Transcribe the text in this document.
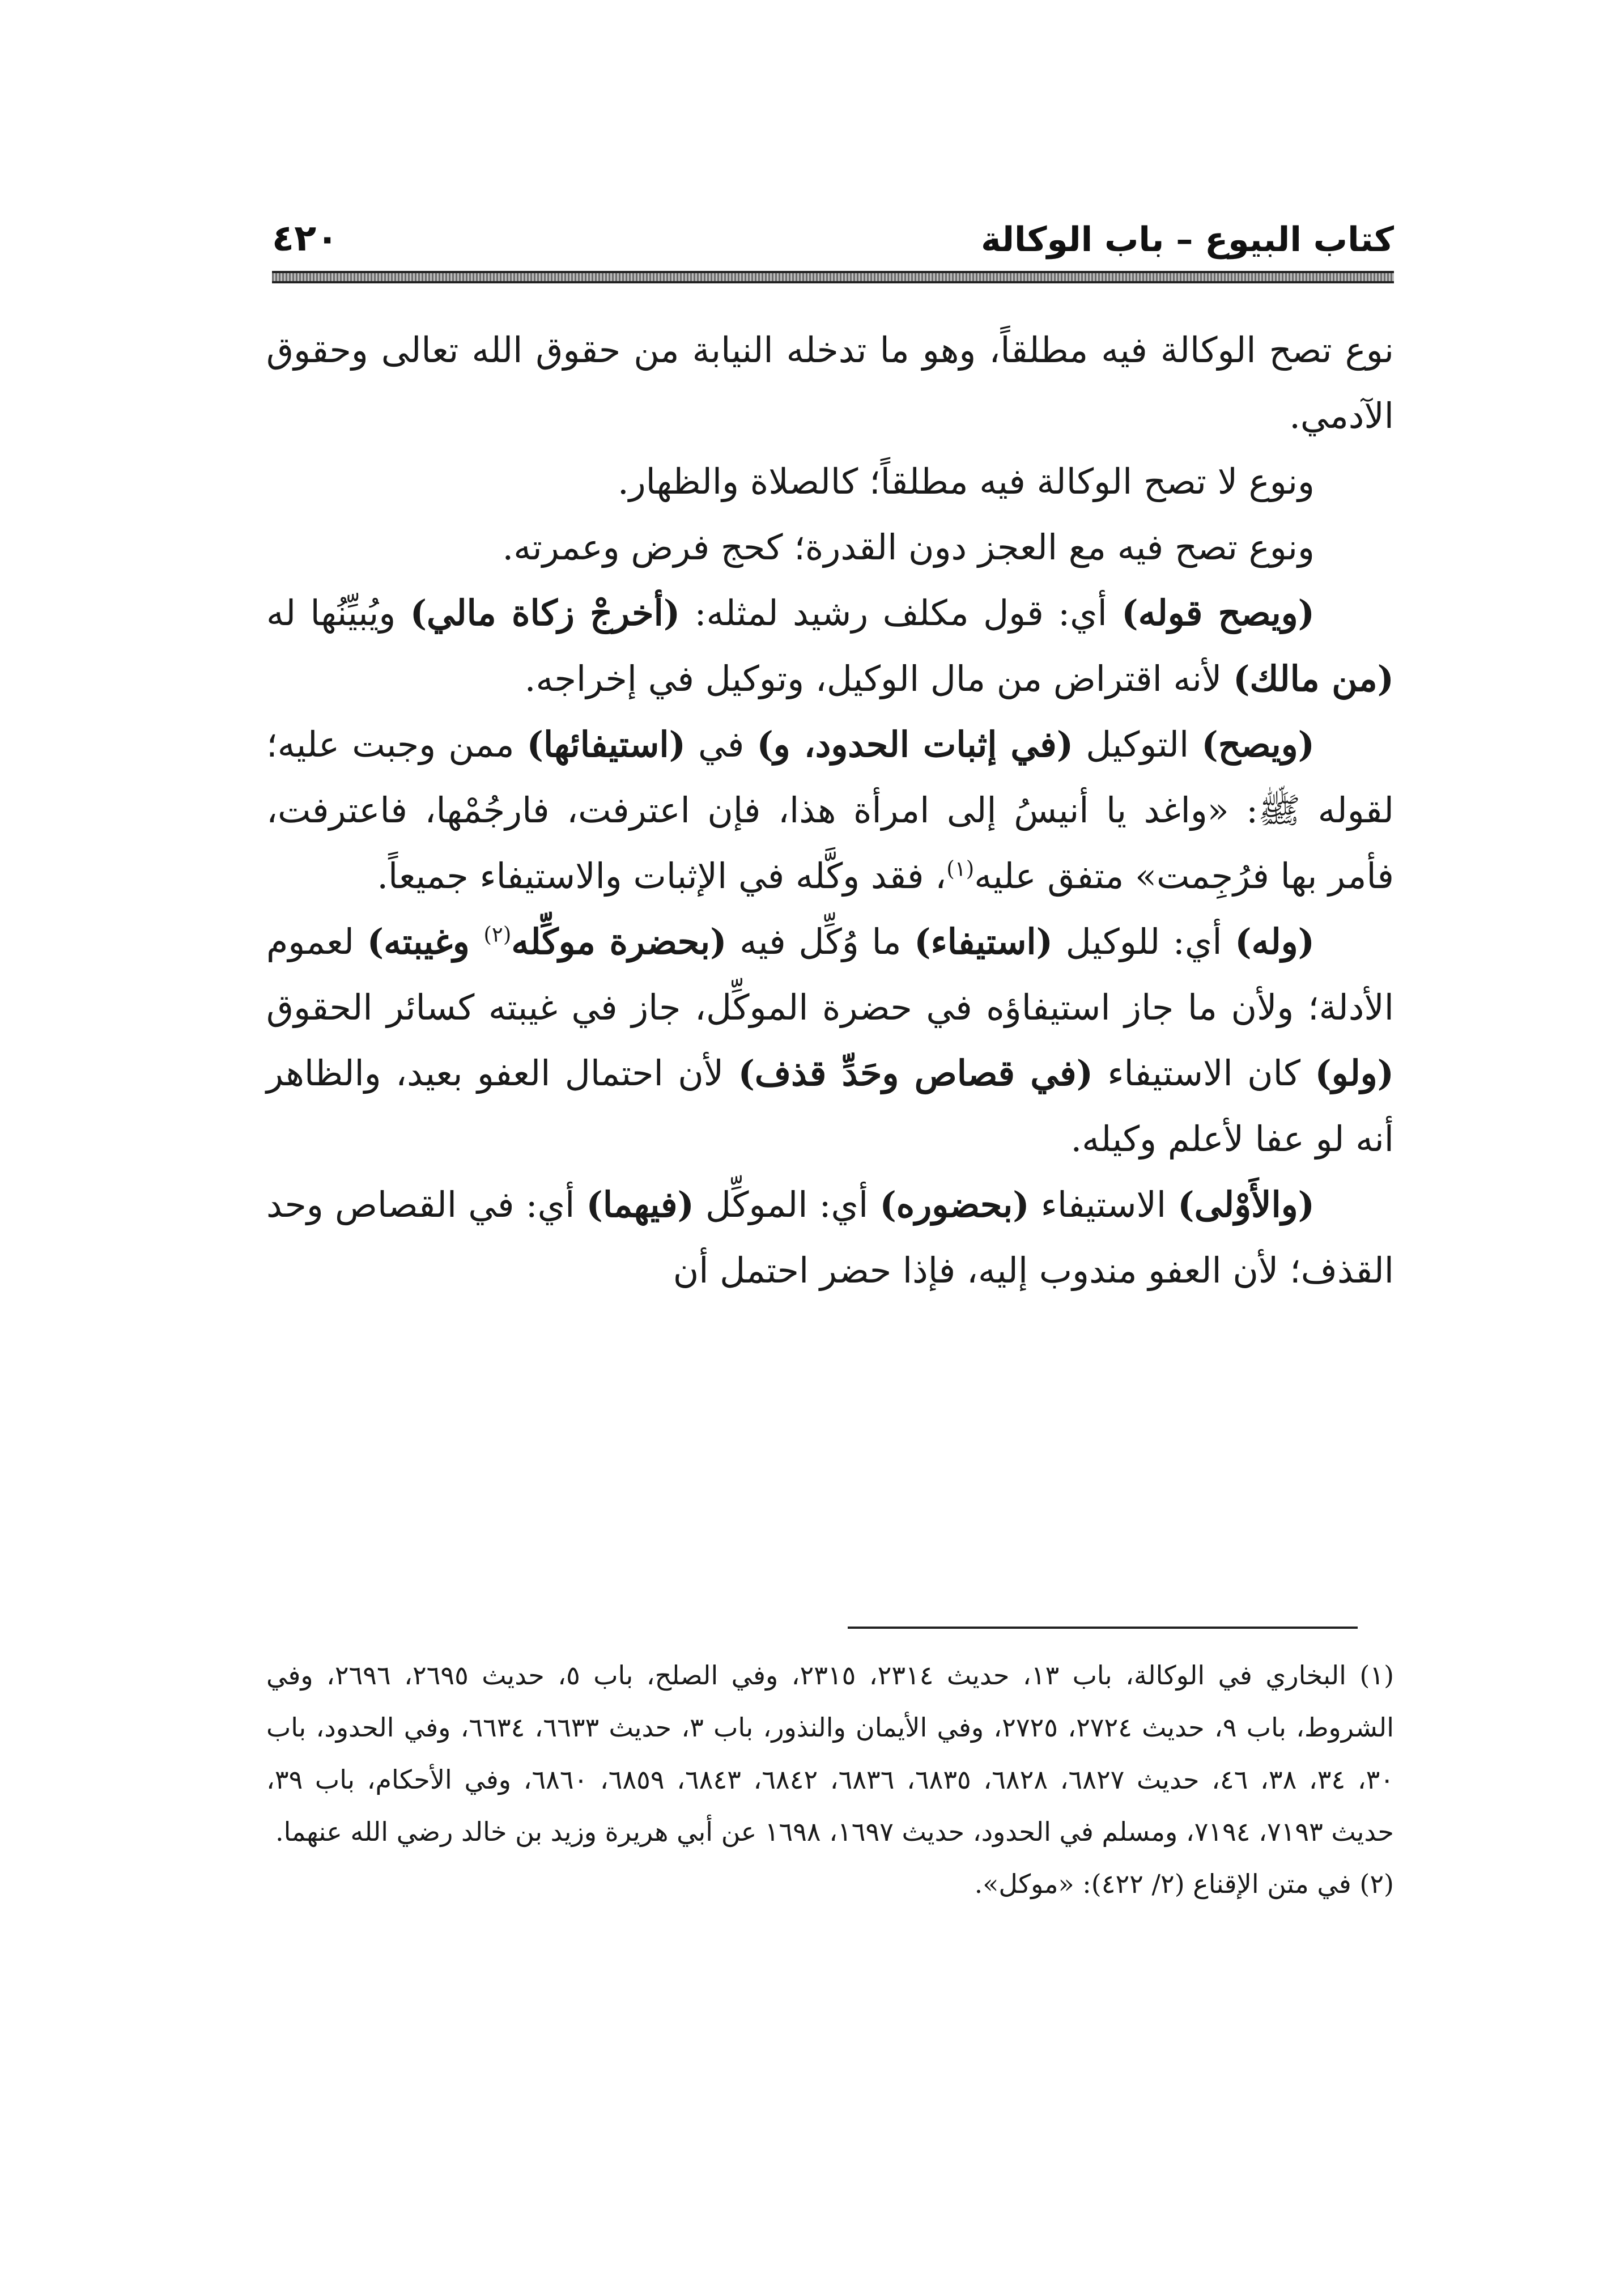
٤٢٠	كتاب البيوع – باب الوكالة

نوع تصح الوكالة فيه مطلقاً، وهو ما تدخله النيابة من حقوق الله تعالى وحقوق الآدمي.

ونوع لا تصح الوكالة فيه مطلقاً؛ كالصلاة والظهار.

ونوع تصح فيه مع العجز دون القدرة؛ كحج فرض وعمرته.

(ويصح قوله) أي: قول مكلف رشيد لمثله: (أخرجْ زكاة مالي) ويُبيِّنُها له (من مالك) لأنه اقتراض من مال الوكيل، وتوكيل في إخراجه.

(ويصح) التوكيل (في إثبات الحدود، و) في (استيفائها) ممن وجبت عليه؛ لقوله ﷺ: «واغد يا أنيسُ إلى امرأة هذا، فإن اعترفت، فارجُمْها، فاعترفت، فأمر بها فرُجِمت» متفق عليه$^{(١)}$، فقد وكَّله في الإثبات والاستيفاء جميعاً.

(وله) أي: للوكيل (استيفاء) ما وُكِّل فيه (بحضرة موكِّله$^{(٢)}$ وغيبته) لعموم الأدلة؛ ولأن ما جاز استيفاؤه في حضرة الموكِّل، جاز في غيبته كسائر الحقوق (ولو) كان الاستيفاء (في قصاص وحَدِّ قذف) لأن احتمال العفو بعيد، والظاهر أنه لو عفا لأعلم وكيله.

(والأَوْلى) الاستيفاء (بحضوره) أي: الموكِّل (فيهما) أي: في القصاص وحد القذف؛ لأن العفو مندوب إليه، فإذا حضر احتمل أن

(١) البخاري في الوكالة، باب ١٣، حديث ٢٣١٤، ٢٣١٥، وفي الصلح، باب ٥، حديث ٢٦٩٥، ٢٦٩٦، وفي الشروط، باب ٩، حديث ٢٧٢٤، ٢٧٢٥، وفي الأيمان والنذور، باب ٣، حديث ٦٦٣٣، ٦٦٣٤، وفي الحدود، باب ٣٠، ٣٤، ٣٨، ٤٦، حديث ٦٨٢٧، ٦٨٢٨، ٦٨٣٥، ٦٨٣٦، ٦٨٤٢، ٦٨٤٣، ٦٨٥٩، ٦٨٦٠، وفي الأحكام، باب ٣٩، حديث ٧١٩٣، ٧١٩٤، ومسلم في الحدود، حديث ١٦٩٧، ١٦٩٨ عن أبي هريرة وزيد بن خالد رضي الله عنهما.

(٢) في متن الإقناع (٢/ ٤٢٢): «موكل».
